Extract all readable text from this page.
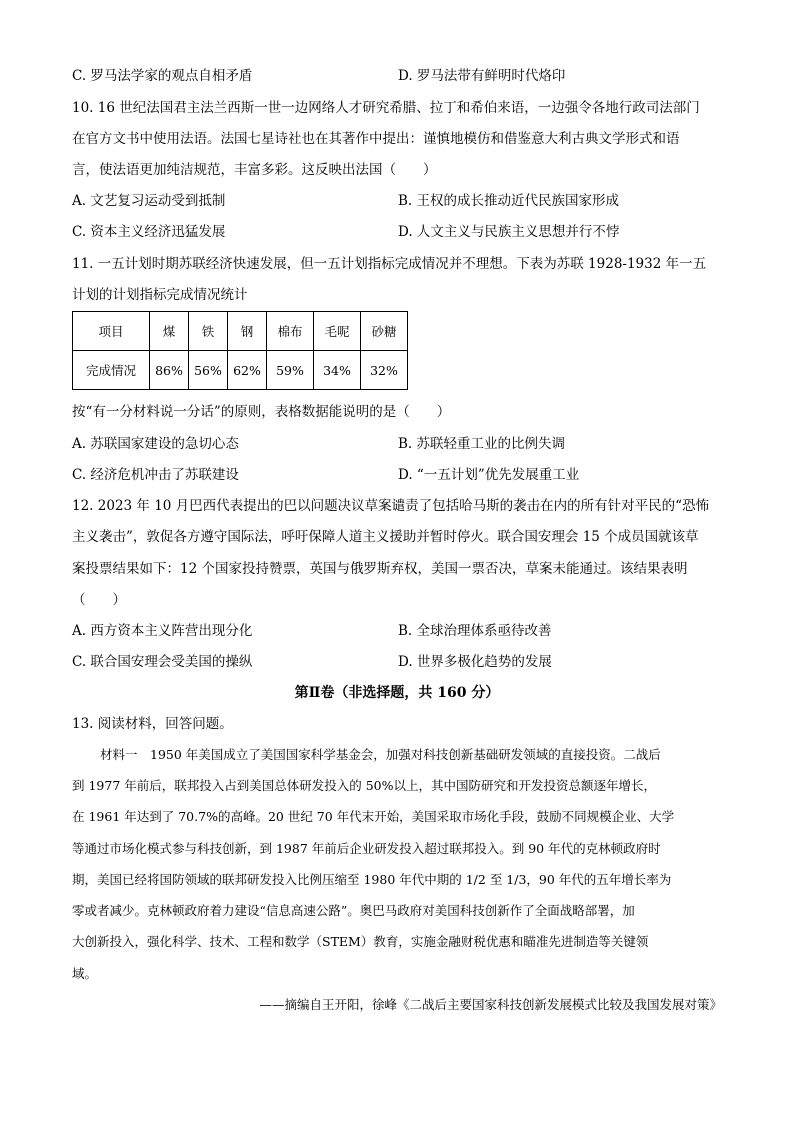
C. 罗马法学家的观点自相矛盾	D. 罗马法带有鲜明时代烙印
10. 16 世纪法国君主法兰西斯一世一边网络人才研究希腊、拉丁和希伯来语，一边强令各地行政司法部门
在官方文书中使用法语。法国七星诗社也在其著作中提出：谨慎地模仿和借鉴意大利古典文学形式和语
言，使法语更加纯洁规范，丰富多彩。这反映出法国（　　）
A. 文艺复习运动受到抵制	B. 王权的成长推动近代民族国家形成
C. 资本主义经济迅猛发展	D. 人文主义与民族主义思想并行不悖
11. 一五计划时期苏联经济快速发展，但一五计划指标完成情况并不理想。下表为苏联 1928-1932 年一五
计划的计划指标完成情况统计
项目	煤	铁	钢	棉布	毛呢	砂糖
完成情况	86%	56%	62%	59%	34%	32%
按“有一分材料说一分话”的原则，表格数据能说明的是（　　）
A. 苏联国家建设的急切心态	B. 苏联轻重工业的比例失调
C. 经济危机冲击了苏联建设	D. “一五计划”优先发展重工业
12. 2023 年 10 月巴西代表提出的巴以问题决议草案谴责了包括哈马斯的袭击在内的所有针对平民的“恐怖
主义袭击”，敦促各方遵守国际法，呼吁保障人道主义援助并暂时停火。联合国安理会 15 个成员国就该草
案投票结果如下：12 个国家投持赞票，英国与俄罗斯弃权，美国一票否决，草案未能通过。该结果表明
（　　）
A. 西方资本主义阵营出现分化	B. 全球治理体系亟待改善
C. 联合国安理会受美国的操纵	D. 世界多极化趋势的发展
第Ⅱ卷（非选择题，共 160 分）
13. 阅读材料，回答问题。
材料一　1950 年美国成立了美国国家科学基金会，加强对科技创新基础研发领域的直接投资。二战后
到 1977 年前后，联邦投入占到美国总体研发投入的 50%以上，其中国防研究和开发投资总额逐年增长，
在 1961 年达到了 70.7%的高峰。20 世纪 70 年代末开始，美国采取市场化手段，鼓励不同规模企业、大学
等通过市场化模式参与科技创新，到 1987 年前后企业研发投入超过联邦投入。到 90 年代的克林顿政府时
期，美国已经将国防领域的联邦研发投入比例压缩至 1980 年代中期的 1/2 至 1/3，90 年代的五年增长率为
零或者减少。克林顿政府着力建设“信息高速公路”。奥巴马政府对美国科技创新作了全面战略部署，加
大创新投入，强化科学、技术、工程和数学（STEM）教育，实施金融财税优惠和瞄准先进制造等关键领
域。
——摘编自王开阳，徐峰《二战后主要国家科技创新发展模式比较及我国发展对策》
